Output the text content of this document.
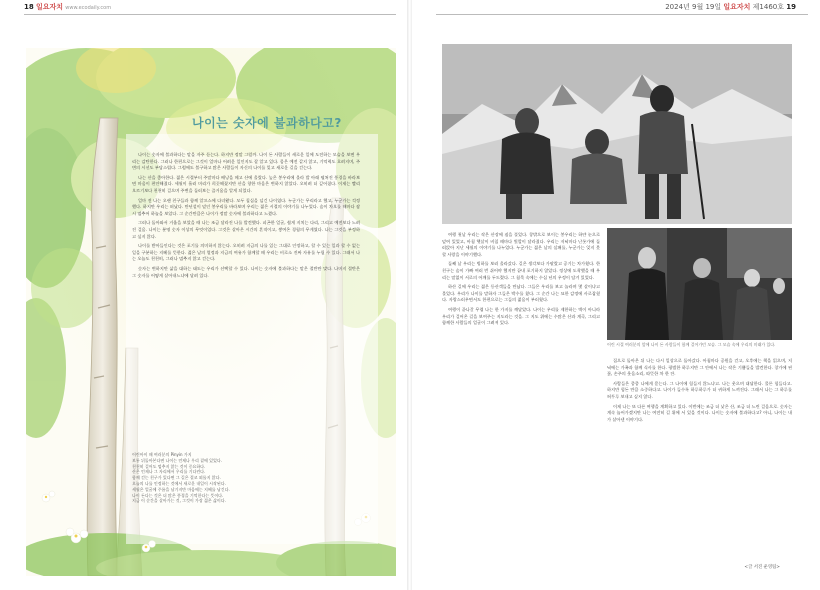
18 일요자치 www.ecodaily.com
나이는 숫자에 불과하다고?

나이는 숫자에 불과하다는 말을 자주 듣는다. 하지만 정말 그럴까. 나이 든 사람들이 새로운 일에 도전하는 모습을 보면 우리는 감탄한다. 그러나 한편으로는 그것이 얼마나 어려운 일인지도 잘 알고 있다. 몸은 예전 같지 않고, 기억력도 흐려지며, 주변의 시선도 부담스럽다. 그럼에도 불구하고 많은 사람들이 자신의 나이를 잊고 새로운 길을 걷는다.

나는 산을 좋아한다. 젊은 시절부터 주말마다 배낭을 메고 산에 올랐다. 높은 봉우리에 올라 발 아래 펼쳐진 풍경을 바라보면 마음이 편안해졌다. 세월이 흘러 머리가 희끗해졌지만 산을 향한 마음은 변하지 않았다. 오히려 더 깊어졌다. 이제는 빨리 오르기보다 천천히 걸으며 주변을 둘러보는 즐거움을 알게 되었다.

얼마 전 나는 오랜 친구들과 함께 알프스에 다녀왔다. 모두 칠십을 넘긴 나이였다. 누군가는 무리라고 했고, 누군가는 걱정했다. 하지만 우리는 떠났다. 만년설이 덮인 봉우리를 바라보며 우리는 젊은 시절의 이야기를 나누었다. 숨이 차오를 때마다 잠시 멈추어 하늘을 보았다. 그 순간만큼은 나이가 정말 숫자에 불과하다고 느꼈다.

그러나 돌아와서 거울을 보았을 때 나는 조금 달라진 나를 발견했다. 피곤한 얼굴, 쉽게 지치는 다리, 그리고 예전보다 느려진 걸음. 나이는 분명 숫자 이상의 무엇이었다. 그것은 살아온 시간의 흔적이고, 쌓여온 경험의 무게였다. 나는 그것을 부정하고 싶지 않다.

나이를 받아들인다는 것은 포기를 의미하지 않는다. 오히려 지금의 나를 있는 그대로 인정하고, 할 수 있는 일과 할 수 없는 일을 구분하는 지혜를 뜻한다. 젊은 날의 열정과 지금의 여유가 함께할 때 우리는 비로소 진짜 자유를 누릴 수 있다. 그래서 나는 오늘도 천천히, 그러나 멈추지 않고 걷는다.

숫자는 변하지만 삶을 대하는 태도는 우리가 선택할 수 있다. 나이는 숫자에 불과하다는 말은 절반만 맞다. 나머지 절반은 그 숫자를 어떻게 살아내느냐에 달려 있다.

어린아이 때 여러분의 Pinyin 가지

보통 뒤돌아본다면 나이는 언제나 우리 곁에 있었다.

천천히 걸어도 멈추지 않는 것이 중요하다.

산은 언제나 그 자리에서 우리를 기다린다.

함께 걷는 친구가 있다면 그 길은 결코 외롭지 않다.

오늘의 나를 인정하는 것에서 새로운 내일이 시작된다.

세월은 얼굴에 주름을 남기지만 마음에는 지혜를 남긴다.

나이 든다는 것은 더 많은 풍경을 기억한다는 뜻이다.

지금 이 순간을 살아가는 것, 그것이 가장 젊은 삶이다.

2024년 9월 19일 일요자치 제1460호 19

여행 첫날 우리는 작은 산장에 짐을 풀었다. 창밖으로 보이는 봉우리는 하얀 눈으로 덮여 있었고, 아침 햇살이 비칠 때마다 빛깔이 달라졌다. 우리는 저녁마다 난롯가에 둘러앉아 지난 세월의 이야기를 나누었다. 누군가는 젊은 날의 실패를, 누군가는 잊지 못할 사랑을 이야기했다.

둘째 날 우리는 빙하를 보러 올라갔다. 길은 생각보다 가팔랐고 공기는 차가웠다. 한 친구는 숨이 가빠 여러 번 쉬어야 했지만 끝내 포기하지 않았다. 정상에 도착했을 때 우리는 말없이 서로의 어깨를 두드렸다. 그 침묵 속에는 수십 년의 우정이 담겨 있었다.

하산 길에 우리는 젊은 등산객들을 만났다. 그들은 우리를 보고 놀라며 몇 살이냐고 물었다. 우리가 나이를 말하자 그들은 박수를 쳤다. 그 순간 나는 묘한 감정에 사로잡혔다. 자랑스러우면서도 한편으로는 그들의 젊음이 부러웠다.

여행이 끝나갈 무렵 나는 한 가지를 깨달았다. 나이는 우리를 제한하는 벽이 아니라 우리가 걸어온 길을 보여주는 지도라는 것을. 그 지도 위에는 수많은 산과 계곡, 그리고 함께한 사람들의 얼굴이 그려져 있다.

어린 시절 여러분의 앞에 나이 든 사람들이 함께 걸어가던 모습. 그 모습 속에 우리의 미래가 있다.

집으로 돌아온 뒤 나는 다시 일상으로 돌아갔다. 아침마다 공원을 걷고, 오후에는 책을 읽으며, 저녁에는 가족과 함께 식사를 한다. 평범한 하루지만 그 안에서 나는 작은 기쁨들을 발견한다. 창가에 핀 꽃, 손주의 웃음소리, 따뜻한 차 한 잔.

사람들은 종종 나에게 묻는다. 그 나이에 힘들지 않느냐고. 나는 웃으며 대답한다. 물론 힘들다고. 하지만 힘든 만큼 소중하다고. 나이가 들수록 하루하루가 더 귀하게 느껴진다. 그래서 나는 그 하루를 허투루 보내고 싶지 않다.

이제 나는 또 다른 여행을 계획하고 있다. 이번에는 조금 더 낮은 산, 조금 더 느린 걸음으로. 숫자는 계속 늘어가겠지만 나는 여전히 길 위에 서 있을 것이다. 나이는 숫자에 불과하다고? 아니, 나이는 내가 살아낸 이야기다.

<글 서진 운영팀>
